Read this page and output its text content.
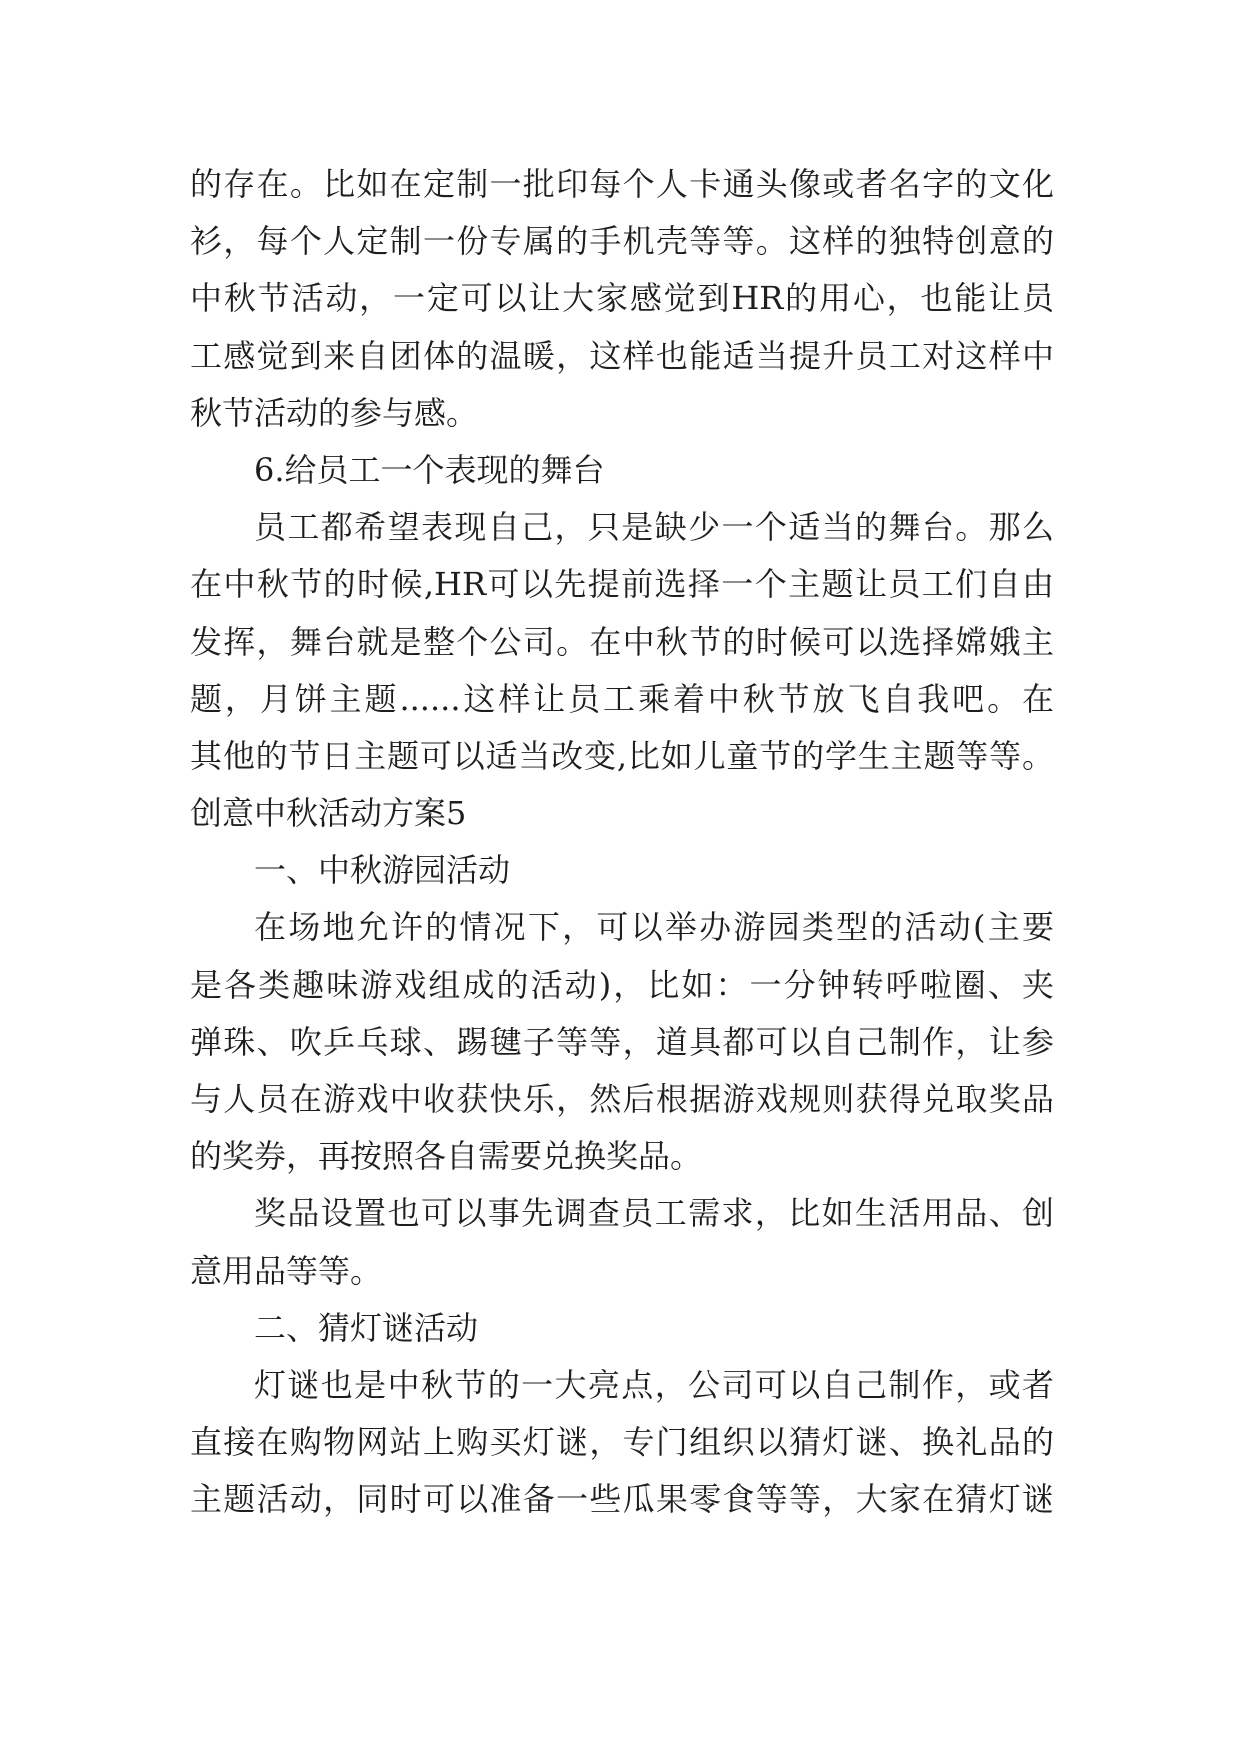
的存在。比如在定制一批印每个人卡通头像或者名字的文化
衫，每个人定制一份专属的手机壳等等。这样的独特创意的
中秋节活动，一定可以让大家感觉到HR的用心，也能让员
工感觉到来自团体的温暖，这样也能适当提升员工对这样中
秋节活动的参与感。
6.给员工一个表现的舞台
员工都希望表现自己，只是缺少一个适当的舞台。那么
在中秋节的时候,HR可以先提前选择一个主题让员工们自由
发挥，舞台就是整个公司。在中秋节的时候可以选择嫦娥主
题，月饼主题......这样让员工乘着中秋节放飞自我吧。在
其他的节日主题可以适当改变,比如儿童节的学生主题等等。
创意中秋活动方案5
一、中秋游园活动
在场地允许的情况下，可以举办游园类型的活动(主要
是各类趣味游戏组成的活动)，比如：一分钟转呼啦圈、夹
弹珠、吹乒乓球、踢毽子等等，道具都可以自己制作，让参
与人员在游戏中收获快乐，然后根据游戏规则获得兑取奖品
的奖券，再按照各自需要兑换奖品。
奖品设置也可以事先调查员工需求，比如生活用品、创
意用品等等。
二、猜灯谜活动
灯谜也是中秋节的一大亮点，公司可以自己制作，或者
直接在购物网站上购买灯谜，专门组织以猜灯谜、换礼品的
主题活动，同时可以准备一些瓜果零食等等，大家在猜灯谜
